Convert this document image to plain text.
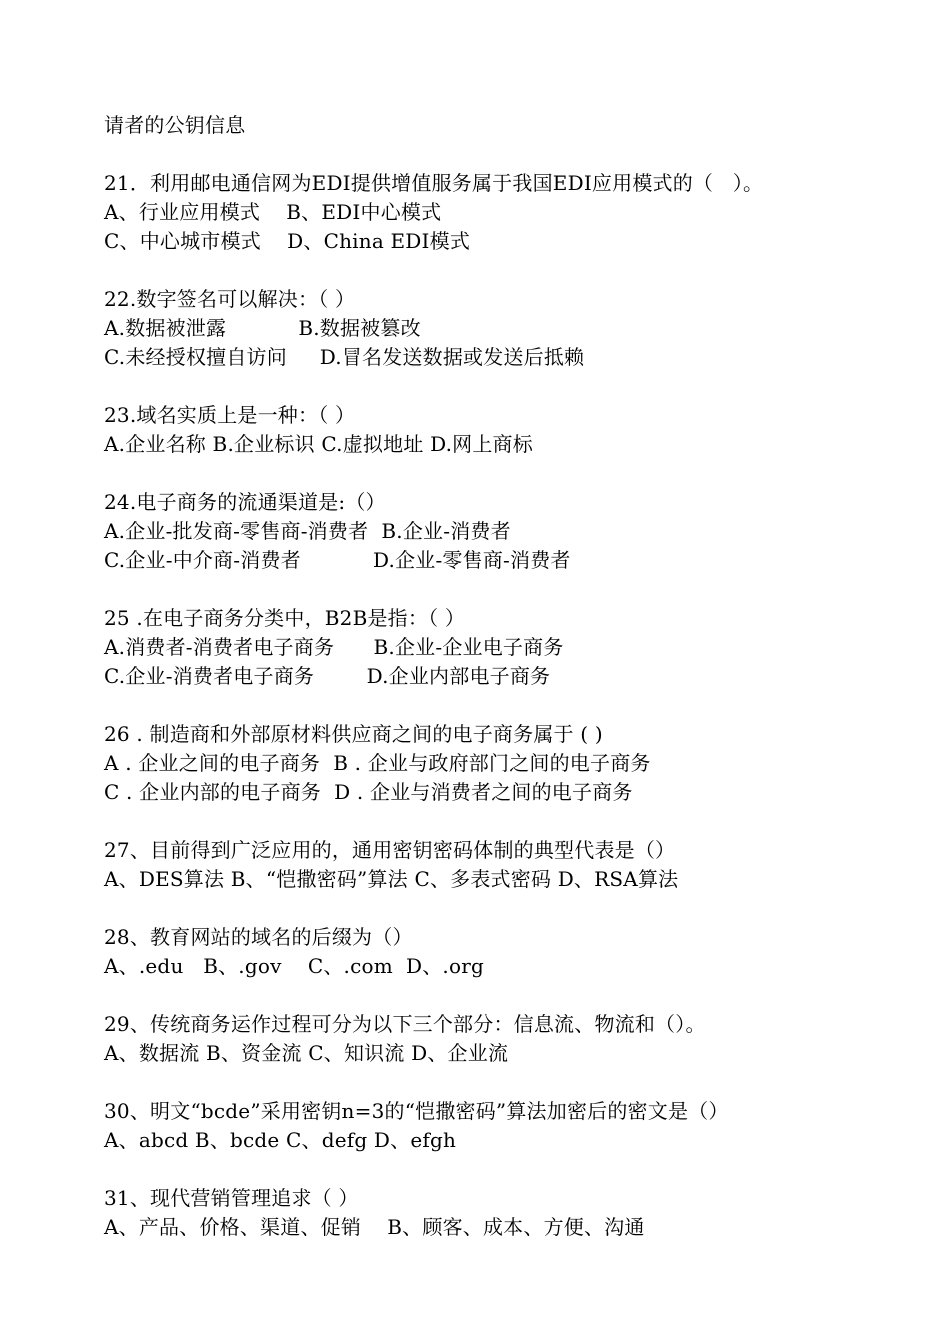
请者的公钥信息
21．利用邮电通信网为EDI提供增值服务属于我国EDI应用模式的（   ）。
A、行业应用模式    B、EDI中心模式
C、中心城市模式    D、China EDI模式
22.数字签名可以解决：（ ）
A.数据被泄露           B.数据被篡改
C.未经授权擅自访问     D.冒名发送数据或发送后抵赖
23.域名实质上是一种：（ ）
A.企业名称 B.企业标识 C.虚拟地址 D.网上商标
24.电子商务的流通渠道是:（）
A.企业-批发商-零售商-消费者  B.企业-消费者
C.企业-中介商-消费者           D.企业-零售商-消费者
25 .在电子商务分类中，B2B是指：（ ）
A.消费者-消费者电子商务      B.企业-企业电子商务
C.企业-消费者电子商务        D.企业内部电子商务
26 . 制造商和外部原材料供应商之间的电子商务属于 ( )
A . 企业之间的电子商务  B . 企业与政府部门之间的电子商务
C . 企业内部的电子商务  D . 企业与消费者之间的电子商务
27、目前得到广泛应用的，通用密钥密码体制的典型代表是（）
A、DES算法 B、“恺撒密码”算法 C、多表式密码 D、RSA算法
28、教育网站的域名的后缀为（）
A、.edu   B、.gov    C、.com  D、.org
29、传统商务运作过程可分为以下三个部分：信息流、物流和（）。
A、数据流 B、资金流 C、知识流 D、企业流
30、明文“bcde”采用密钥n=3的“恺撒密码”算法加密后的密文是（）
A、abcd B、bcde C、defg D、efgh
31、现代营销管理追求（ ）
A、产品、价格、渠道、促销    B、顾客、成本、方便、沟通
